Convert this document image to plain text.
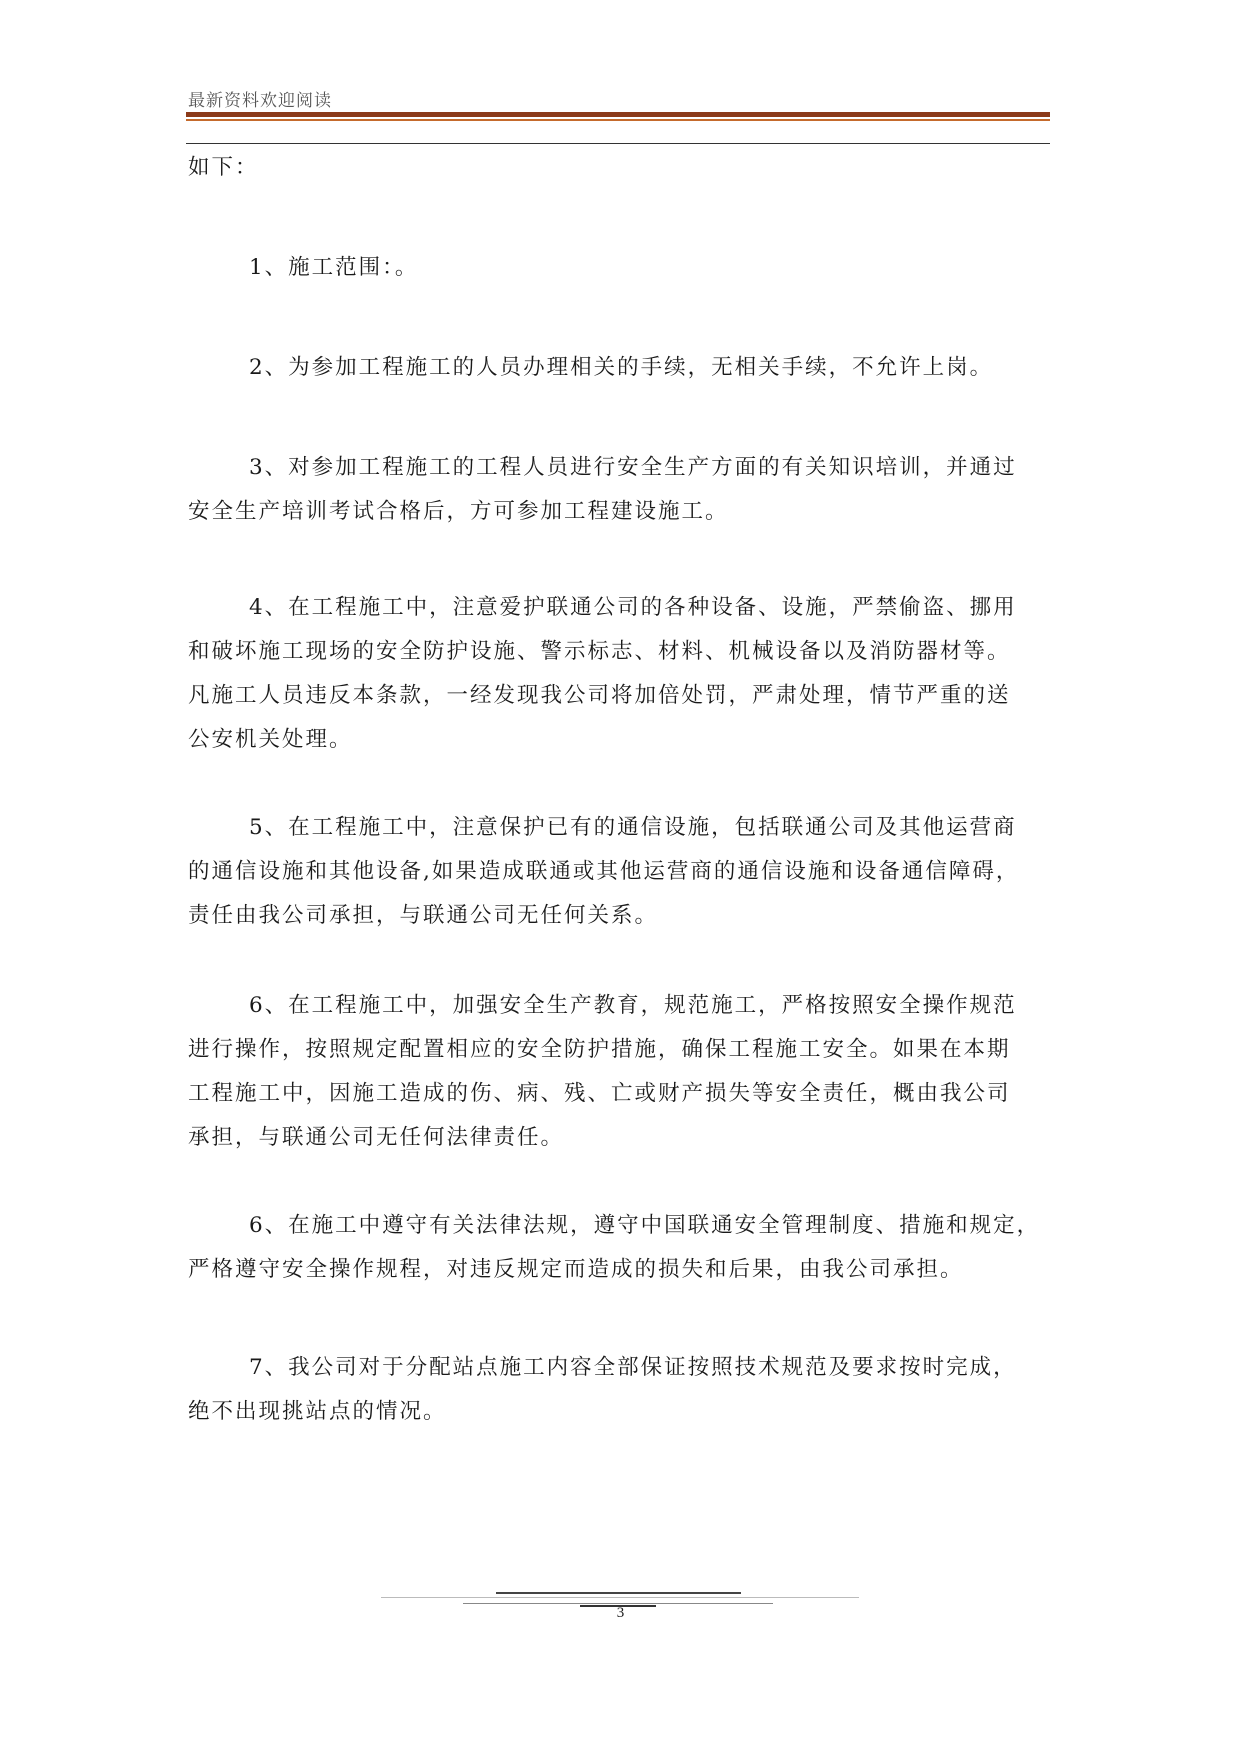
最新资料欢迎阅读
如下：
1、施工范围：。
2、为参加工程施工的人员办理相关的手续，无相关手续，不允许上岗。
3、对参加工程施工的工程人员进行安全生产方面的有关知识培训，并通过
安全生产培训考试合格后，方可参加工程建设施工。
4、在工程施工中，注意爱护联通公司的各种设备、设施，严禁偷盗、挪用
和破坏施工现场的安全防护设施、警示标志、材料、机械设备以及消防器材等。
凡施工人员违反本条款，一经发现我公司将加倍处罚，严肃处理，情节严重的送
公安机关处理。
5、在工程施工中，注意保护已有的通信设施，包括联通公司及其他运营商
的通信设施和其他设备,如果造成联通或其他运营商的通信设施和设备通信障碍，
责任由我公司承担，与联通公司无任何关系。
6、在工程施工中，加强安全生产教育，规范施工，严格按照安全操作规范
进行操作，按照规定配置相应的安全防护措施，确保工程施工安全。如果在本期
工程施工中，因施工造成的伤、病、残、亡或财产损失等安全责任，概由我公司
承担，与联通公司无任何法律责任。
6、在施工中遵守有关法律法规，遵守中国联通安全管理制度、措施和规定，
严格遵守安全操作规程，对违反规定而造成的损失和后果，由我公司承担。
7、我公司对于分配站点施工内容全部保证按照技术规范及要求按时完成，
绝不出现挑站点的情况。
3
